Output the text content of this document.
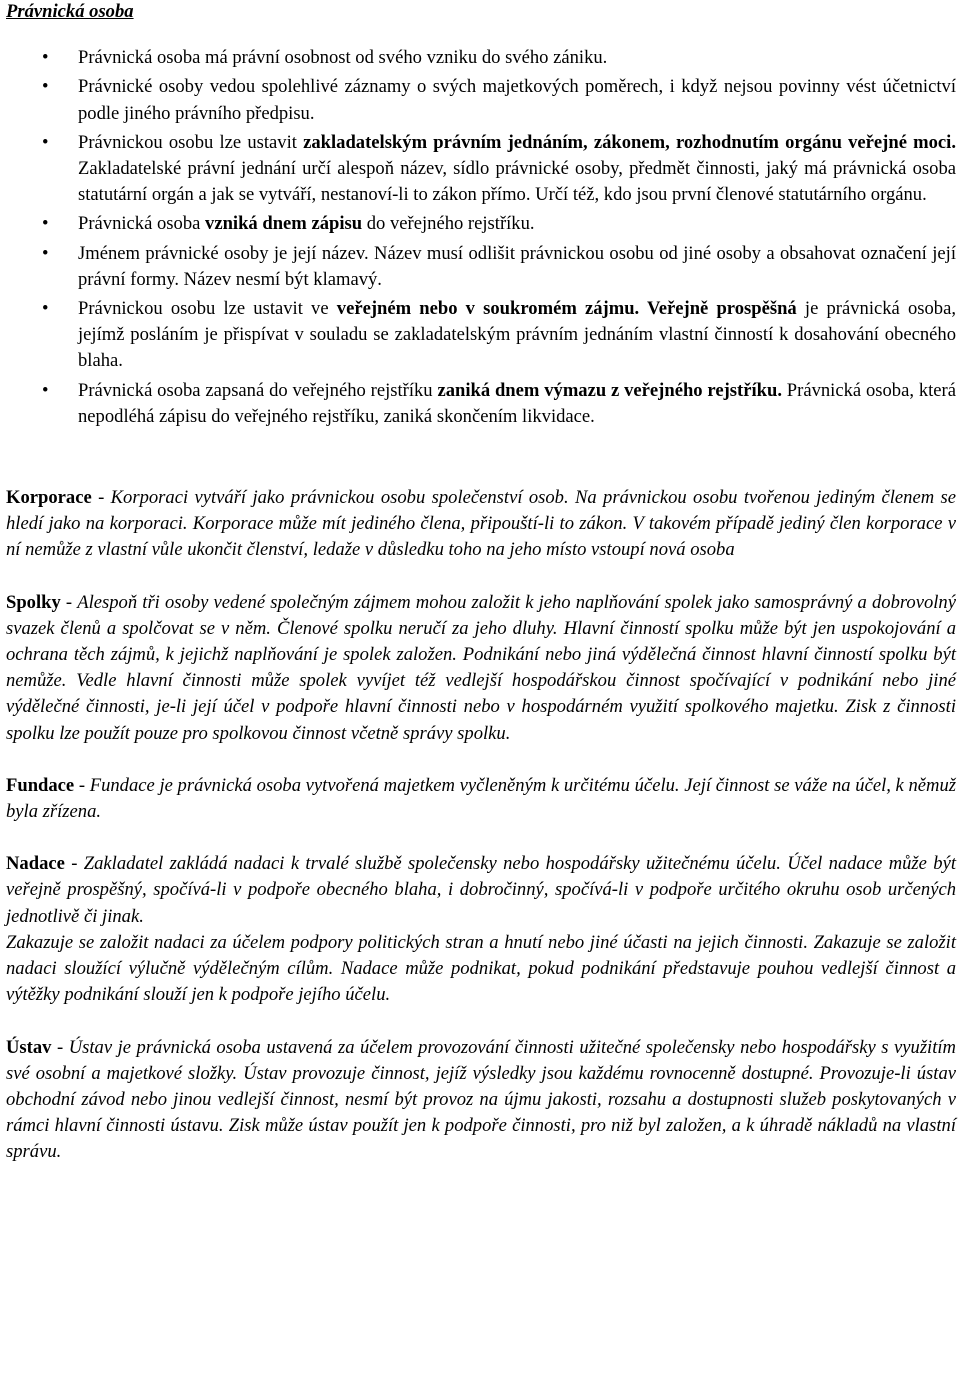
Právnická osoba
• Právnická osoba má právní osobnost od svého vzniku do svého zániku.
• Právnické osoby vedou spolehlivé záznamy o svých majetkových poměrech, i když nejsou povinny vést účetnictví podle jiného právního předpisu.
• Právnickou osobu lze ustavit zakladatelským právním jednáním, zákonem, rozhodnutím orgánu veřejné moci. Zakladatelské právní jednání určí alespoň název, sídlo právnické osoby, předmět činnosti, jaký má právnická osoba statutární orgán a jak se vytváří, nestanoví-li to zákon přímo. Určí též, kdo jsou první členové statutárního orgánu.
• Právnická osoba vzniká dnem zápisu do veřejného rejstříku.
• Jménem právnické osoby je její název. Název musí odlišit právnickou osobu od jiné osoby a obsahovat označení její právní formy. Název nesmí být klamavý.
• Právnickou osobu lze ustavit ve veřejném nebo v soukromém zájmu. Veřejně prospěšná je právnická osoba, jejímž posláním je přispívat v souladu se zakladatelským právním jednáním vlastní činností k dosahování obecného blaha.
• Právnická osoba zapsaná do veřejného rejstříku zaniká dnem výmazu z veřejného rejstříku. Právnická osoba, která nepodléhá zápisu do veřejného rejstříku, zaniká skončením likvidace.

Korporace - Korporaci vytváří jako právnickou osobu společenství osob. Na právnickou osobu tvořenou jediným členem se hledí jako na korporaci. Korporace může mít jediného člena, připouští-li to zákon. V takovém případě jediný člen korporace v ní nemůže z vlastní vůle ukončit členství, ledaže v důsledku toho na jeho místo vstoupí nová osoba

Spolky - Alespoň tři osoby vedené společným zájmem mohou založit k jeho naplňování spolek jako samosprávný a dobrovolný svazek členů a spolčovat se v něm. Členové spolku neručí za jeho dluhy. Hlavní činností spolku může být jen uspokojování a ochrana těch zájmů, k jejichž naplňování je spolek založen. Podnikání nebo jiná výdělečná činnost hlavní činností spolku být nemůže. Vedle hlavní činnosti může spolek vyvíjet též vedlejší hospodářskou činnost spočívající v podnikání nebo jiné výdělečné činnosti, je-li její účel v podpoře hlavní činnosti nebo v hospodárném využití spolkového majetku. Zisk z činnosti spolku lze použít pouze pro spolkovou činnost včetně správy spolku.

Fundace - Fundace je právnická osoba vytvořená majetkem vyčleněným k určitému účelu. Její činnost se váže na účel, k němuž byla zřízena.

Nadace - Zakladatel zakládá nadaci k trvalé službě společensky nebo hospodářsky užitečnému účelu. Účel nadace může být veřejně prospěšný, spočívá-li v podpoře obecného blaha, i dobročinný, spočívá-li v podpoře určitého okruhu osob určených jednotlivě či jinak.

Zakazuje se založit nadaci za účelem podpory politických stran a hnutí nebo jiné účasti na jejich činnosti. Zakazuje se založit nadaci sloužící výlučně výdělečným cílům. Nadace může podnikat, pokud podnikání představuje pouhou vedlejší činnost a výtěžky podnikání slouží jen k podpoře jejího účelu.

Ústav - Ústav je právnická osoba ustavená za účelem provozování činnosti užitečné společensky nebo hospodářsky s využitím své osobní a majetkové složky. Ústav provozuje činnost, jejíž výsledky jsou každému rovnocenně dostupné. Provozuje-li ústav obchodní závod nebo jinou vedlejší činnost, nesmí být provoz na újmu jakosti, rozsahu a dostupnosti služeb poskytovaných v rámci hlavní činnosti ústavu. Zisk může ústav použít jen k podpoře činnosti, pro niž byl založen, a k úhradě nákladů na vlastní správu.
